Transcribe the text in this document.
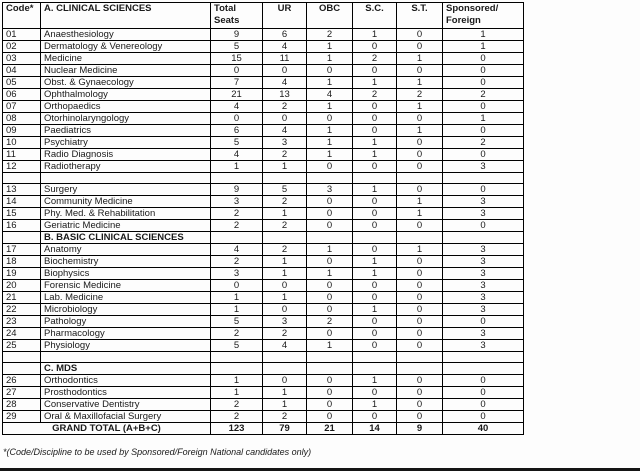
Code*	A. CLINICAL SCIENCES	Total Seats	UR	OBC	S.C.	S.T.	Sponsored/ Foreign
01	Anaesthesiology	9	6	2	1	0	1
02	Dermatology & Venereology	5	4	1	0	0	1
03	Medicine	15	11	1	2	1	0
04	Nuclear Medicine	0	0	0	0	0	0
05	Obst. & Gynaecology	7	4	1	1	1	0
06	Ophthalmology	21	13	4	2	2	2
07	Orthopaedics	4	2	1	0	1	0
08	Otorhinolaryngology	0	0	0	0	0	1
09	Paediatrics	6	4	1	0	1	0
10	Psychiatry	5	3	1	1	0	2
11	Radio Diagnosis	4	2	1	1	0	0
12	Radiotherapy	1	1	0	0	0	3

13	Surgery	9	5	3	1	0	0
14	Community Medicine	3	2	0	0	1	3
15	Phy. Med. & Rehabilitation	2	1	0	0	1	3
16	Geriatric Medicine	2	2	0	0	0	0
	B. BASIC CLINICAL SCIENCES						
17	Anatomy	4	2	1	0	1	3
18	Biochemistry	2	1	0	1	0	3
19	Biophysics	3	1	1	1	0	3
20	Forensic Medicine	0	0	0	0	0	3
21	Lab. Medicine	1	1	0	0	0	3
22	Microbiology	1	0	0	1	0	3
23	Pathology	5	3	2	0	0	0
24	Pharmacology	2	2	0	0	0	3
25	Physiology	5	4	1	0	0	3

	C. MDS						
26	Orthodontics	1	0	0	1	0	0
27	Prosthodontics	1	1	0	0	0	0
28	Conservative Dentistry	2	1	0	1	0	0
29	Oral & Maxillofacial Surgery	2	2	0	0	0	0
GRAND TOTAL (A+B+C)		123	79	21	14	9	40
*(Code/Discipline to be used by Sponsored/Foreign National candidates only)
